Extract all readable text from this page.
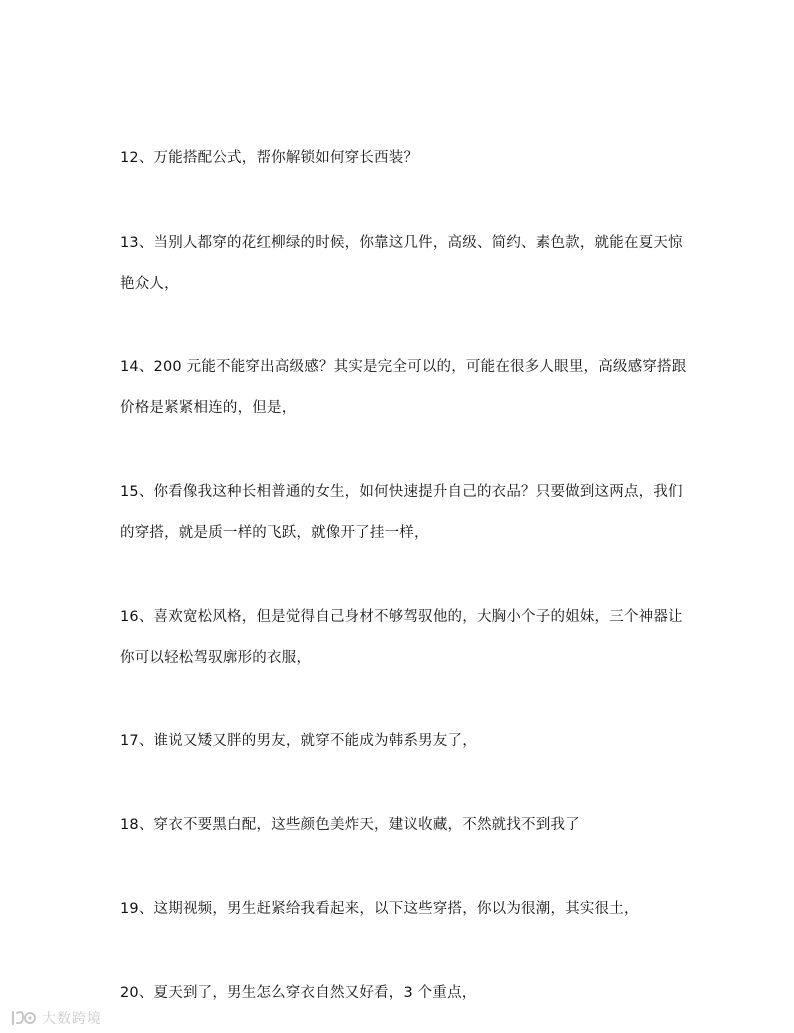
12、万能搭配公式，帮你解锁如何穿长西装？

13、当别人都穿的花红柳绿的时候，你靠这几件，高级、简约、素色款，就能在夏天惊

艳众人，

14、200 元能不能穿出高级感？其实是完全可以的，可能在很多人眼里，高级感穿搭跟

价格是紧紧相连的，但是，

15、你看像我这种长相普通的女生，如何快速提升自己的衣品？只要做到这两点，我们

的穿搭，就是质一样的飞跃，就像开了挂一样，

16、喜欢宽松风格，但是觉得自己身材不够驾驭他的，大胸小个子的姐妹，三个神器让

你可以轻松驾驭廓形的衣服，

17、谁说又矮又胖的男友，就穿不能成为韩系男友了，

18、穿衣不要黑白配，这些颜色美炸天，建议收藏，不然就找不到我了

19、这期视频，男生赶紧给我看起来，以下这些穿搭，你以为很潮，其实很土，

20、夏天到了，男生怎么穿衣自然又好看，3 个重点，

大数跨境
